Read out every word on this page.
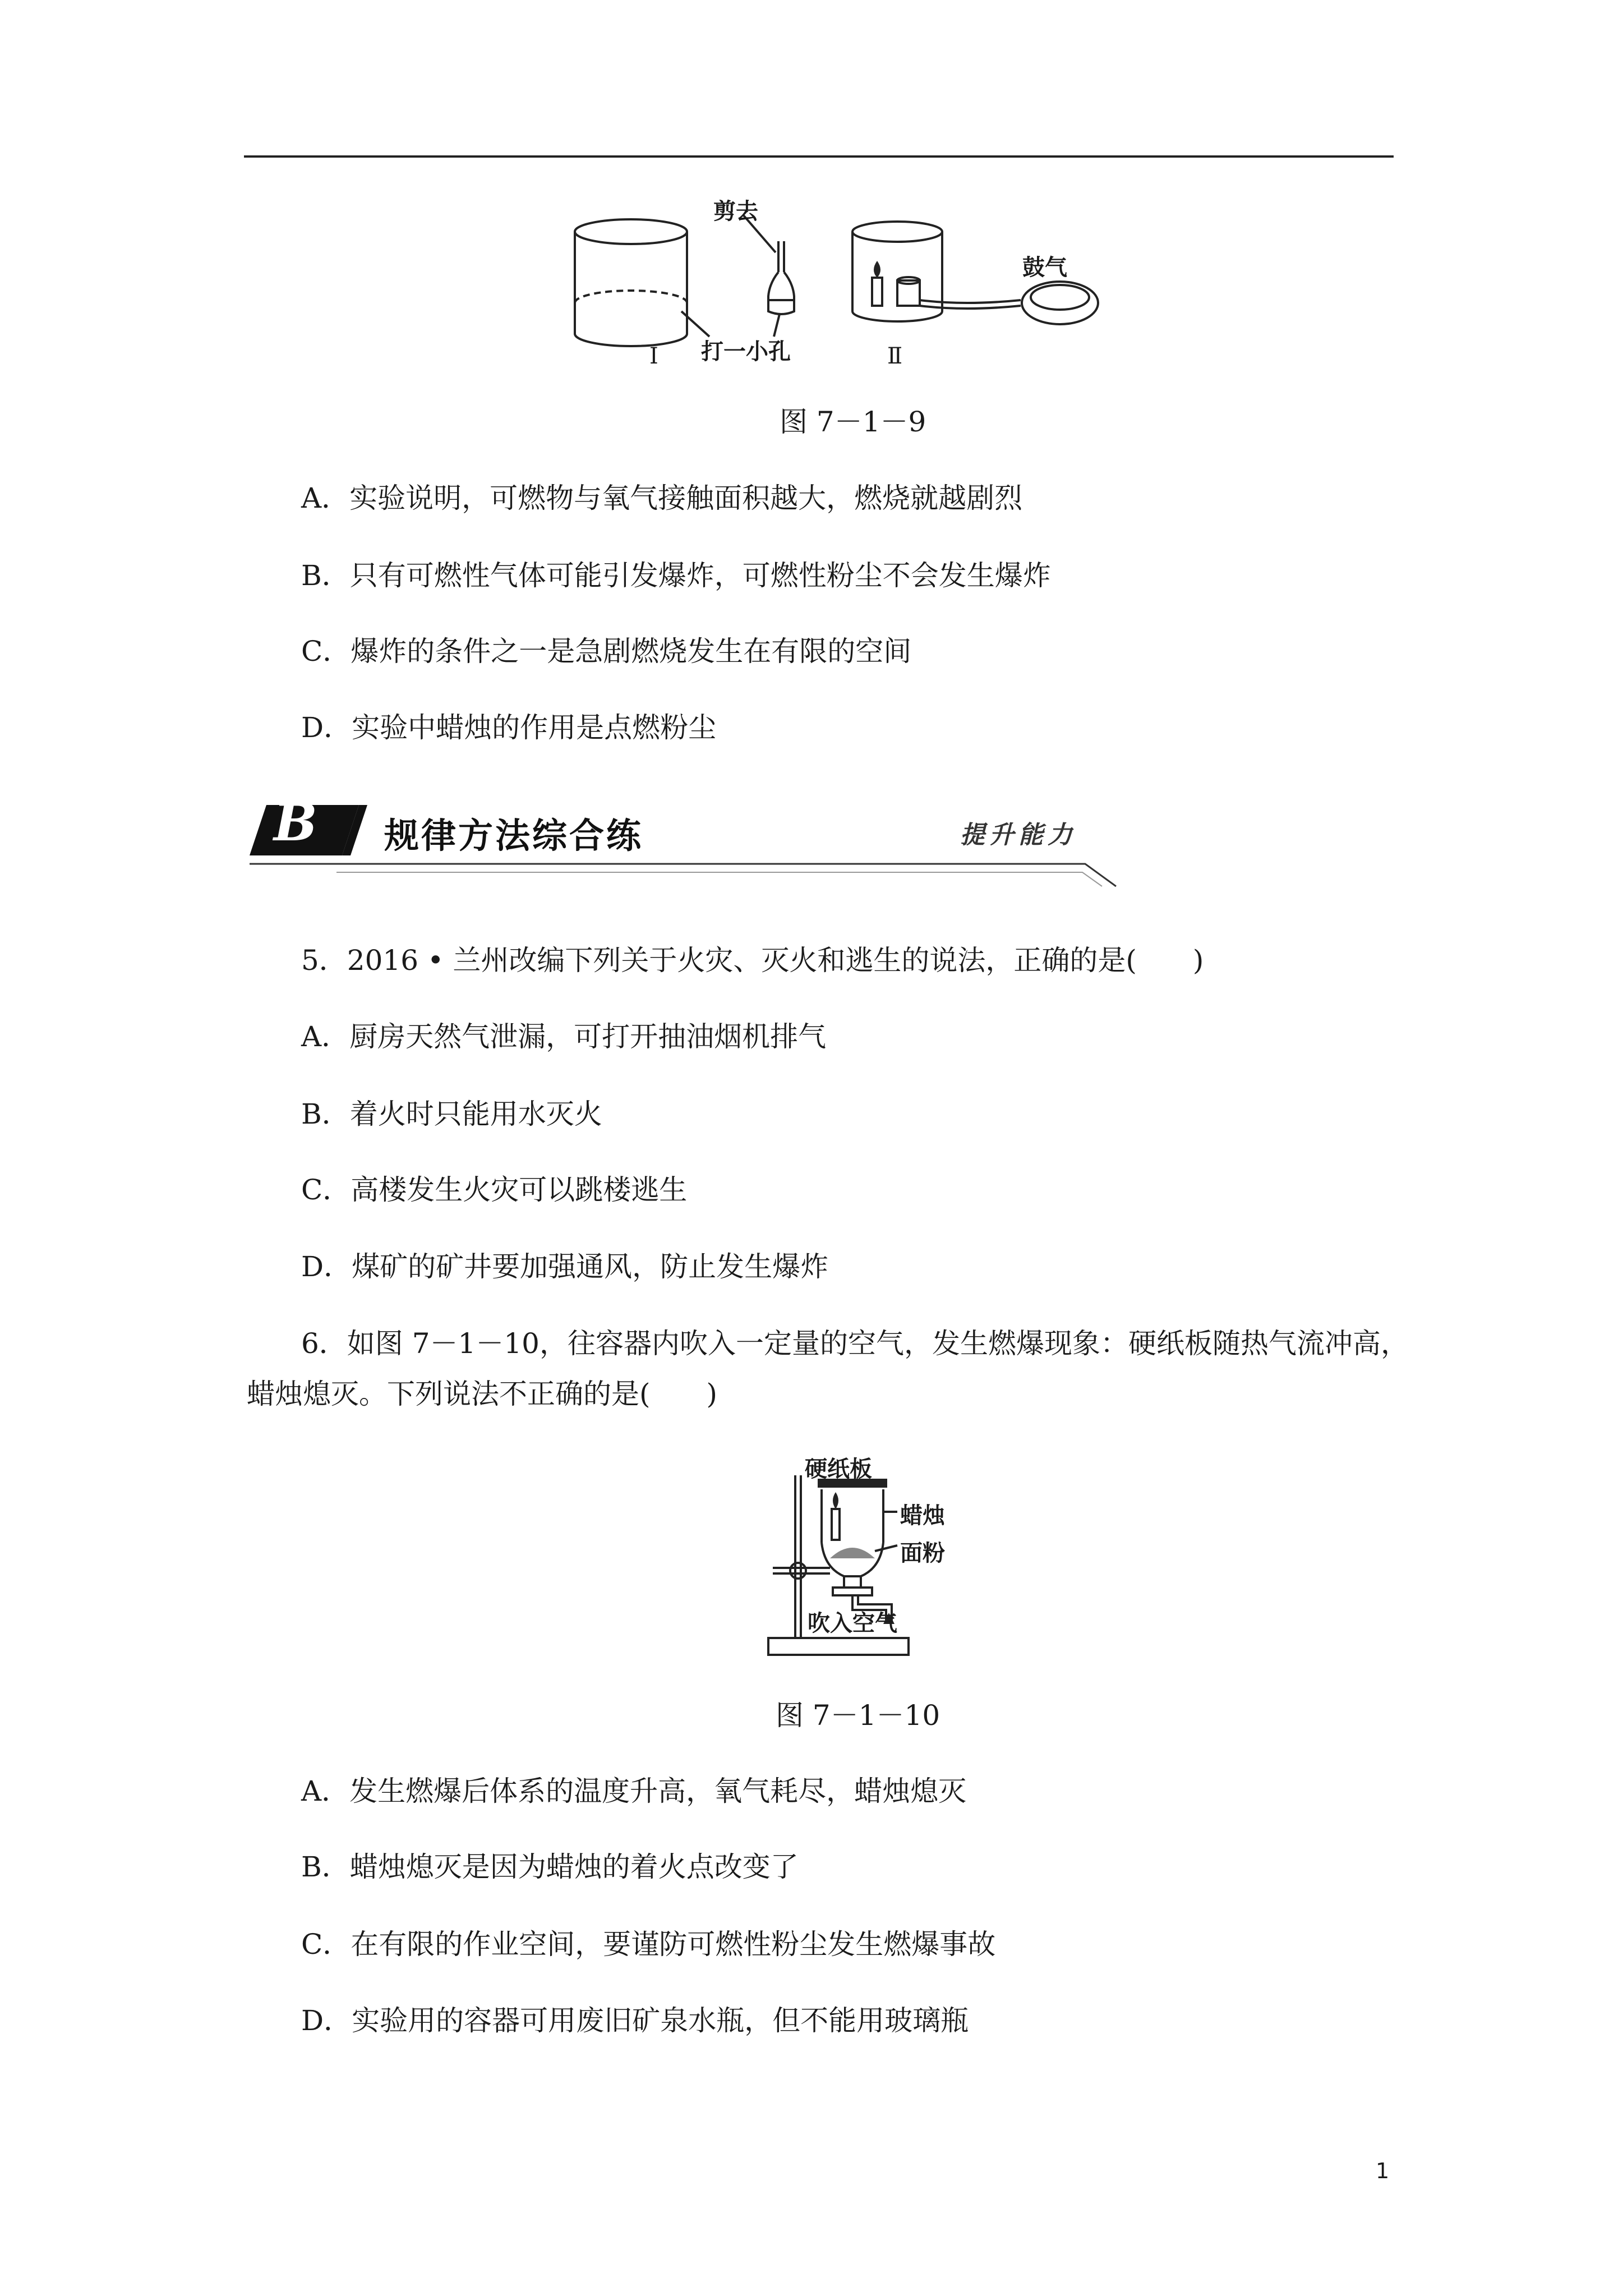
剪去
打一小孔
鼓气
Ⅰ	Ⅱ
图 7－1－9
A．实验说明，可燃物与氧气接触面积越大，燃烧就越剧烈
B．只有可燃性气体可能引发爆炸，可燃性粉尘不会发生爆炸
C．爆炸的条件之一是急剧燃烧发生在有限的空间
D．实验中蜡烛的作用是点燃粉尘
B 规律方法综合练	提升能力
5．2016 • 兰州改编下列关于火灾、灭火和逃生的说法，正确的是(　　)
A．厨房天然气泄漏，可打开抽油烟机排气
B．着火时只能用水灭火
C．高楼发生火灾可以跳楼逃生
D．煤矿的矿井要加强通风，防止发生爆炸
6．如图 7－1－10，往容器内吹入一定量的空气，发生燃爆现象：硬纸板随热气流冲高，
蜡烛熄灭。下列说法不正确的是(　　)
硬纸板
蜡烛
面粉
吹入空气
图 7－1－10
A．发生燃爆后体系的温度升高，氧气耗尽，蜡烛熄灭
B．蜡烛熄灭是因为蜡烛的着火点改变了
C．在有限的作业空间，要谨防可燃性粉尘发生燃爆事故
D．实验用的容器可用废旧矿泉水瓶，但不能用玻璃瓶
1
